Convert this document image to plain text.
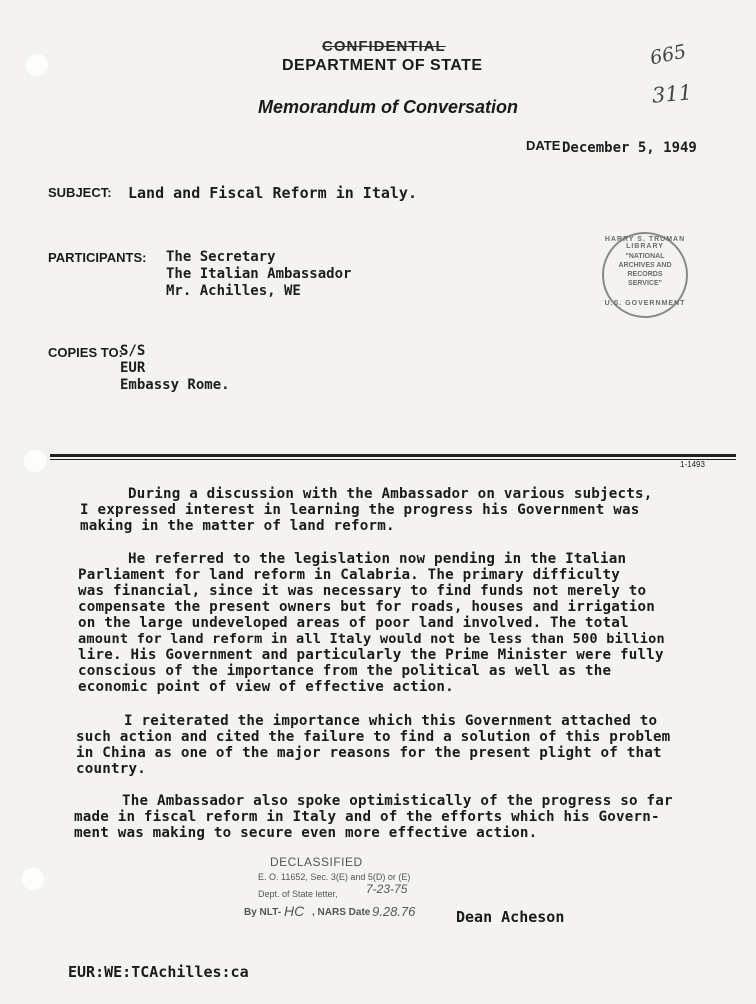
CONFIDENTIAL
DEPARTMENT OF STATE
Memorandum of Conversation
665
311
DATE December 5, 1949
SUBJECT: Land and Fiscal Reform in Italy.
PARTICIPANTS: The Secretary
The Italian Ambassador
Mr. Achilles, WE
HARRY S. TRUMAN LIBRARY
"NATIONAL ARCHIVES AND RECORDS SERVICE"
U.S. GOVERNMENT
COPIES TO:
S/S
EUR
Embassy Rome.
1-1493
During a discussion with the Ambassador on various subjects,
I expressed interest in learning the progress his Government was
making in the matter of land reform.
He referred to the legislation now pending in the Italian
Parliament for land reform in Calabria. The primary difficulty
was financial, since it was necessary to find funds not merely to
compensate the present owners but for roads, houses and irrigation
on the large undeveloped areas of poor land involved. The total
amount for land reform in all Italy would not be less than 500 billion
lire. His Government and particularly the Prime Minister were fully
conscious of the importance from the political as well as the
economic point of view of effective action.
I reiterated the importance which this Government attached to
such action and cited the failure to find a solution of this problem
in China as one of the major reasons for the present plight of that
country.
The Ambassador also spoke optimistically of the progress so far
made in fiscal reform in Italy and of the efforts which his Govern-
ment was making to secure even more effective action.
DECLASSIFIED
E. O. 11652, Sec. 3(E) and 5(D) or (E)
Dept. of State letter, 7-23-75
By NLT- HC , NARS Date 9.28.76	Dean Acheson
EUR:WE:TCAchilles:ca
